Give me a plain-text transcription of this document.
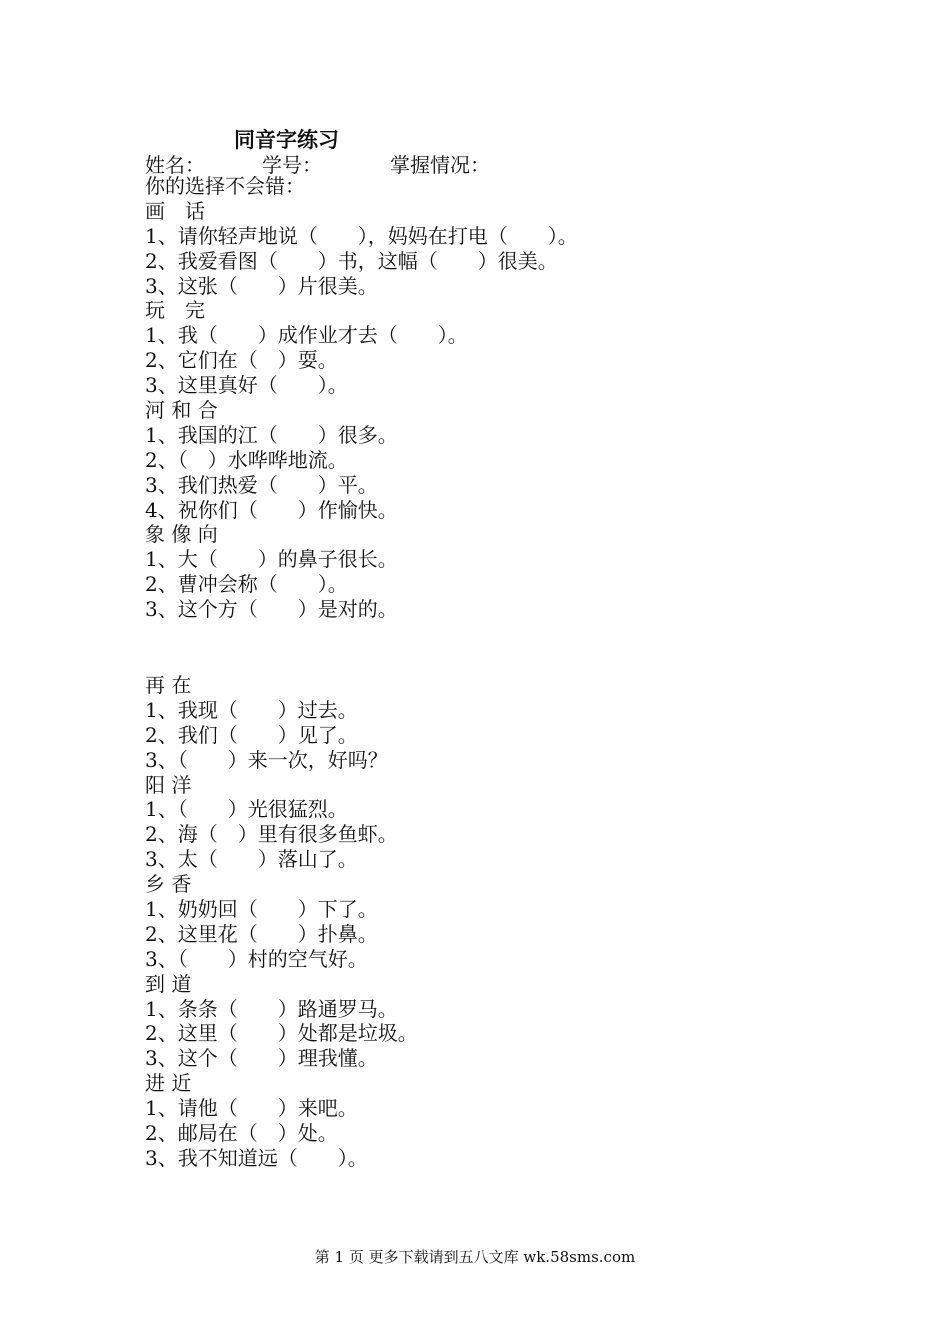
同音字练习
姓名：	学号：	掌握情况：
你的选择不会错：
画　话
1、请你轻声地说（　　），妈妈在打电（　　）。
2、我爱看图（　　）书，这幅（　　）很美。
3、这张（　　）片很美。
玩　完
1、我（　　）成作业才去（　　）。
2、它们在（　）耍。
3、这里真好（　　）。
河 和 合
1、我国的江（　　）很多。
2、（　）水哗哗地流。
3、我们热爱（　　）平。
4、祝你们（　　）作愉快。
象 像 向
1、大（　　）的鼻子很长。
2、曹冲会称（　　）。
3、这个方（　　）是对的。
再 在
1、我现（　　）过去。
2、我们（　　）见了。
3、（　　）来一次，好吗？
阳 洋
1、（　　）光很猛烈。
2、海（　）里有很多鱼虾。
3、太（　　）落山了。
乡 香
1、奶奶回（　　）下了。
2、这里花（　　）扑鼻。
3、（　　）村的空气好。
到 道
1、条条（　　）路通罗马。
2、这里（　　）处都是垃圾。
3、这个（　　）理我懂。
进 近
1、请他（　　）来吧。
2、邮局在（　）处。
3、我不知道远（　　）。
第 1 页 更多下载请到五八文库 wk.58sms.com
